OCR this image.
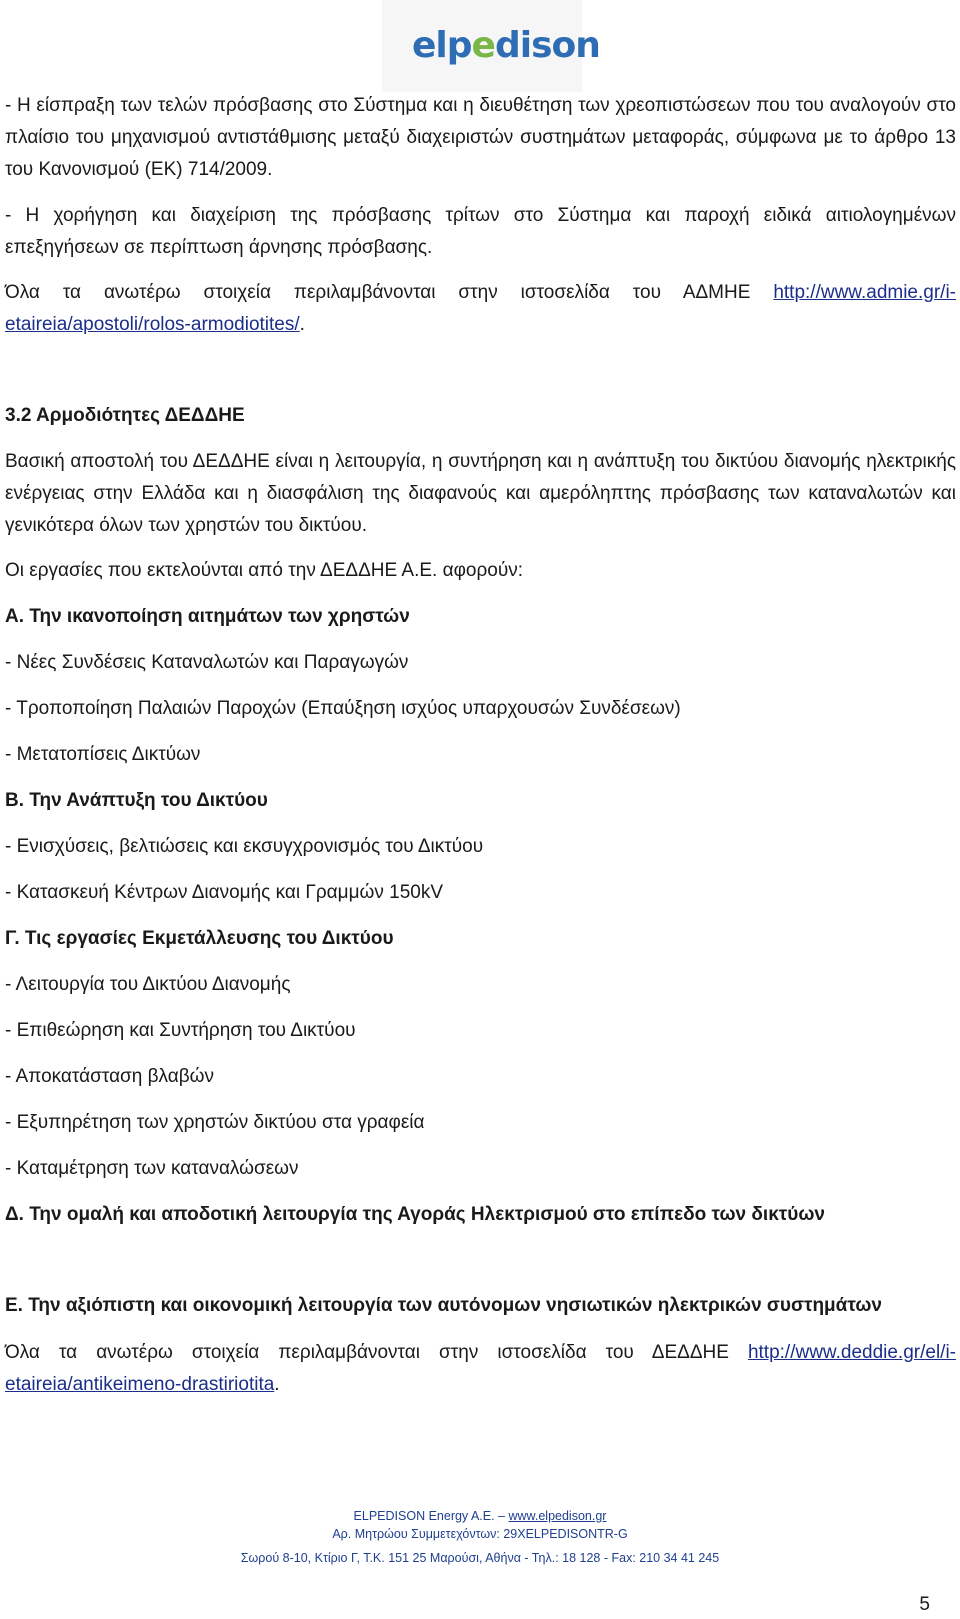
elpedison

- Η είσπραξη των τελών πρόσβασης στο Σύστημα και η διευθέτηση των χρεοπιστώσεων που του αναλογούν στο πλαίσιο του μηχανισμού αντιστάθμισης μεταξύ διαχειριστών συστημάτων μεταφοράς, σύμφωνα με το άρθρο 13 του Κανονισμού (ΕΚ) 714/2009.

- Η χορήγηση και διαχείριση της πρόσβασης τρίτων στο Σύστημα και παροχή ειδικά αιτιολογημένων επεξηγήσεων σε περίπτωση άρνησης πρόσβασης.

Όλα τα ανωτέρω στοιχεία περιλαμβάνονται στην ιστοσελίδα του ΑΔΜΗΕ http://www.admie.gr/i-etaireia/apostoli/rolos-armodiotites/.

3.2 Αρμοδιότητες ΔΕΔΔΗΕ

Βασική αποστολή του ΔΕΔΔΗΕ είναι η λειτουργία, η συντήρηση και η ανάπτυξη του δικτύου διανομής ηλεκτρικής ενέργειας στην Ελλάδα και η διασφάλιση της διαφανούς και αμερόληπτης πρόσβασης των καταναλωτών και γενικότερα όλων των χρηστών του δικτύου.

Οι εργασίες που εκτελούνται από την ΔΕΔΔΗΕ Α.Ε. αφορούν:

Α. Την ικανοποίηση αιτημάτων των χρηστών

- Νέες Συνδέσεις Καταναλωτών και Παραγωγών

- Τροποποίηση Παλαιών Παροχών (Επαύξηση ισχύος υπαρχουσών Συνδέσεων)

- Μετατοπίσεις Δικτύων

Β. Την Ανάπτυξη του Δικτύου

- Ενισχύσεις, βελτιώσεις και εκσυγχρονισμός του Δικτύου

- Κατασκευή Κέντρων Διανομής και Γραμμών 150kV

Γ. Τις εργασίες Εκμετάλλευσης του Δικτύου

- Λειτουργία του Δικτύου Διανομής

- Επιθεώρηση και Συντήρηση του Δικτύου

- Αποκατάσταση βλαβών

- Εξυπηρέτηση των χρηστών δικτύου στα γραφεία

- Καταμέτρηση των καταναλώσεων

Δ. Την ομαλή και αποδοτική λειτουργία της Αγοράς Ηλεκτρισμού στο επίπεδο των δικτύων

Ε. Την αξιόπιστη και οικονομική λειτουργία των αυτόνομων νησιωτικών ηλεκτρικών συστημάτων

Όλα τα ανωτέρω στοιχεία περιλαμβάνονται στην ιστοσελίδα του ΔΕΔΔΗΕ http://www.deddie.gr/el/i-etaireia/antikeimeno-drastiriotita.

ELPEDISON Energy A.E. – www.elpedison.gr
Αρ. Μητρώου Συμμετεχόντων: 29XELPEDISONTR-G
Σωρού 8-10, Κτίριο Γ, Τ.Κ. 151 25 Μαρούσι, Αθήνα - Τηλ.: 18 128 - Fax: 210 34 41 245
5
